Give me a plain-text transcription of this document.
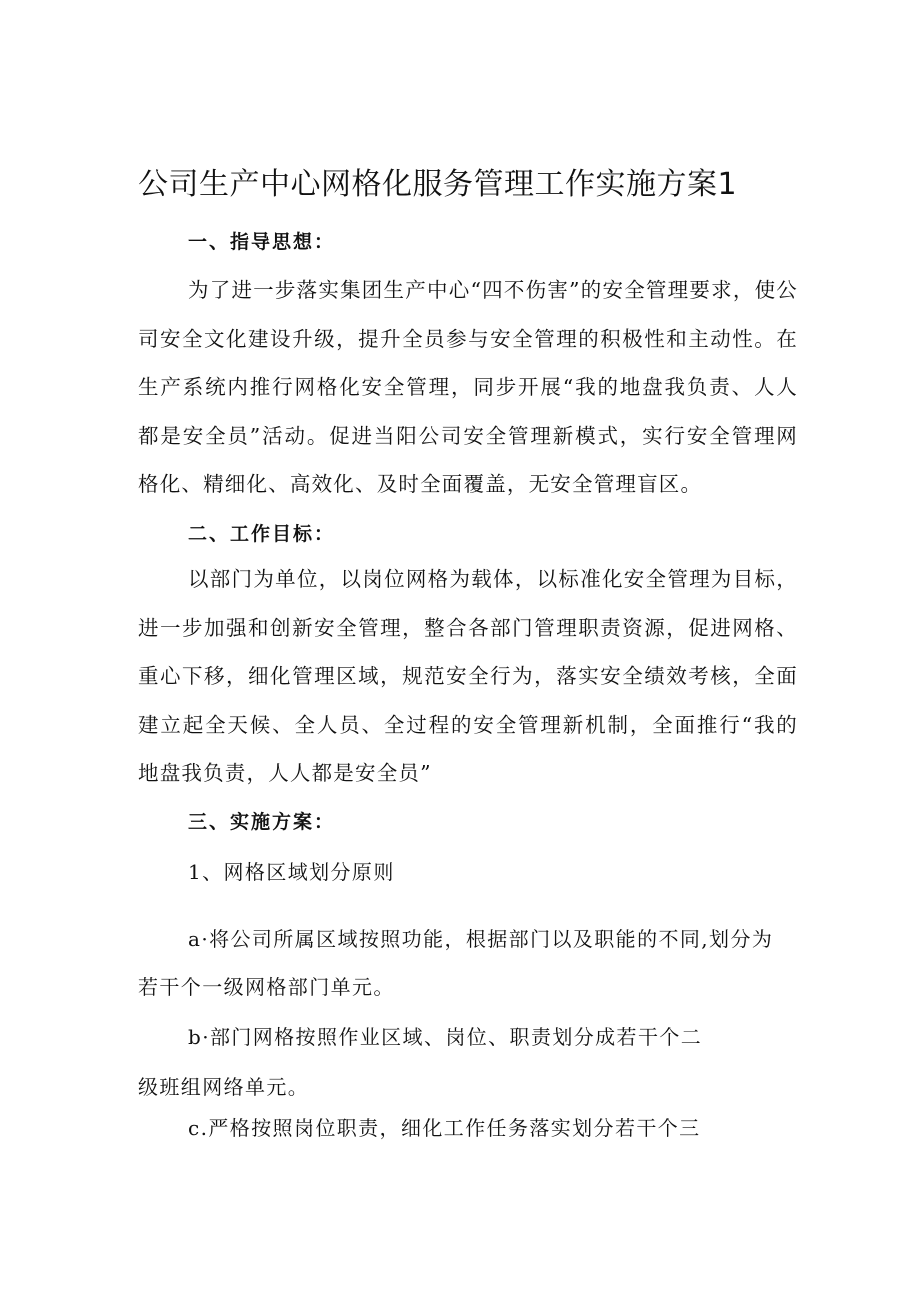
公司生产中心网格化服务管理工作实施方案1
一、指导思想：
为了进一步落实集团生产中心“四不伤害”的安全管理要求，使公司安全文化建设升级，提升全员参与安全管理的积极性和主动性。在生产系统内推行网格化安全管理，同步开展“我的地盘我负责、人人都是安全员”活动。促进当阳公司安全管理新模式，实行安全管理网格化、精细化、高效化、及时全面覆盖，无安全管理盲区。
二、工作目标：
以部门为单位，以岗位网格为载体，以标准化安全管理为目标，进一步加强和创新安全管理，整合各部门管理职责资源，促进网格、重心下移，细化管理区域，规范安全行为，落实安全绩效考核，全面建立起全天候、全人员、全过程的安全管理新机制，全面推行“我的地盘我负责，人人都是安全员”
三、实施方案：
1、网格区域划分原则
a·将公司所属区域按照功能，根据部门以及职能的不同,划分为
若干个一级网格部门单元。
b·部门网格按照作业区域、岗位、职责划分成若干个二
级班组网络单元。
c.严格按照岗位职责，细化工作任务落实划分若干个三
